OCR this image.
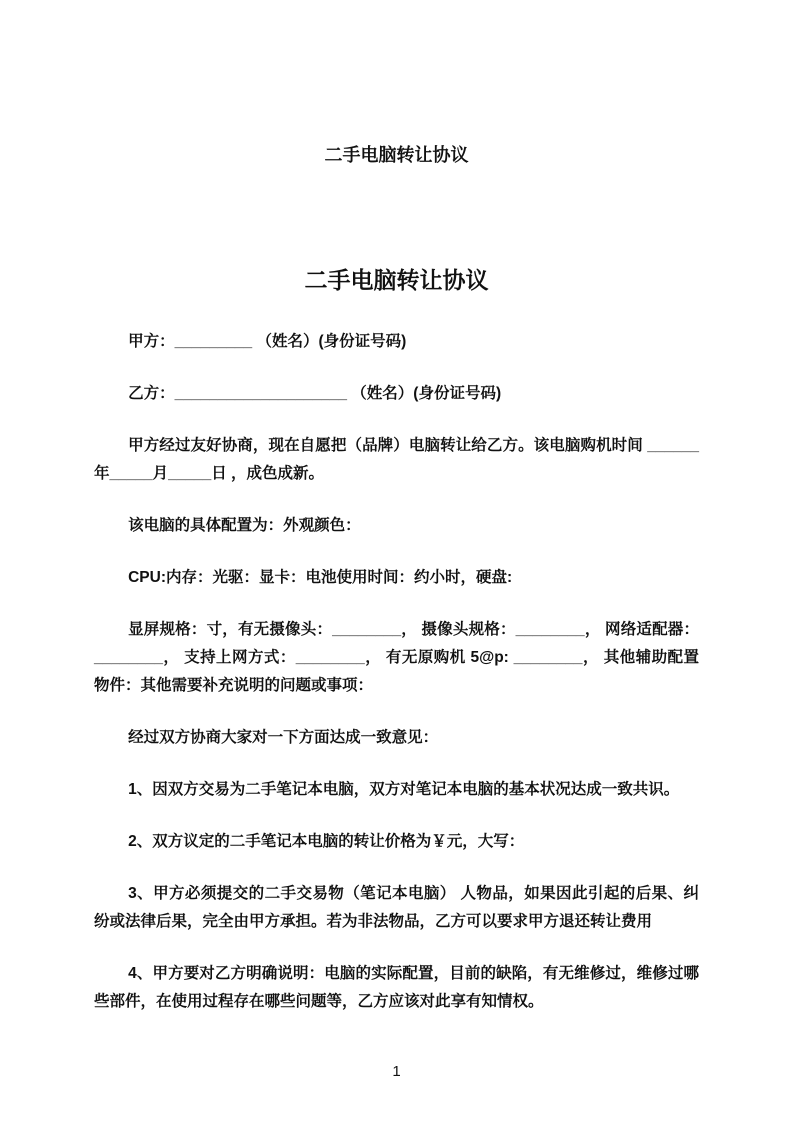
二手电脑转让协议
二手电脑转让协议

甲方：_________ （姓名）(身份证号码)

乙方：____________________ （姓名）(身份证号码)

甲方经过友好协商，现在自愿把（品牌）电脑转让给乙方。该电脑购机时间 ______年_____月_____日 ，成色成新。

该电脑的具体配置为：外观颜色：

CPU:内存：光驱：显卡：电池使用时间：约小时，硬盘:

显屏规格：寸，有无摄像头：________， 摄像头规格：________， 网络适配器：________， 支持上网方式：________， 有无原购机 5@p: ________， 其他辅助配置物件：其他需要补充说明的问题或事项：

经过双方协商大家对一下方面达成一致意见：

1、因双方交易为二手笔记本电脑，双方对笔记本电脑的基本状况达成一致共识。

2、双方议定的二手笔记本电脑的转让价格为￥元，大写：

3、甲方必须提交的二手交易物（笔记本电脑） 人物品，如果因此引起的后果、纠纷或法律后果，完全由甲方承担。若为非法物品，乙方可以要求甲方退还转让费用

4、甲方要对乙方明确说明：电脑的实际配置，目前的缺陷，有无维修过，维修过哪些部件，在使用过程存在哪些问题等，乙方应该对此享有知情权。

1
